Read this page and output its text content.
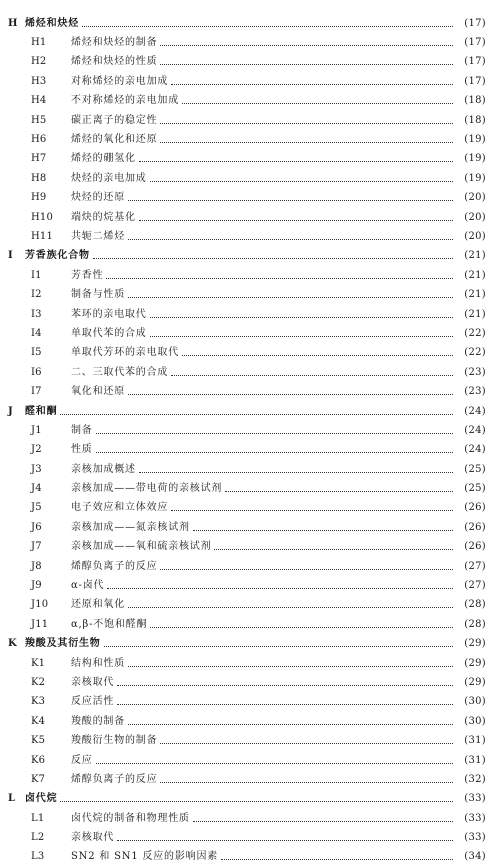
H 烯烃和炔烃	(17)
H1	烯烃和炔烃的制备	(17)
H2	烯烃和炔烃的性质	(17)
H3	对称烯烃的亲电加成	(17)
H4	不对称烯烃的亲电加成	(18)
H5	碳正离子的稳定性	(18)
H6	烯烃的氧化和还原	(19)
H7	烯烃的硼氢化	(19)
H8	炔烃的亲电加成	(19)
H9	炔烃的还原	(20)
H10	端炔的烷基化	(20)
H11	共轭二烯烃	(20)
I	芳香族化合物	(21)
I1	芳香性	(21)
I2	制备与性质	(21)
I3	苯环的亲电取代	(21)
I4	单取代苯的合成	(22)
I5	单取代芳环的亲电取代	(22)
I6	二、三取代苯的合成	(23)
I7	氧化和还原	(23)
J	醛和酮	(24)
J1	制备	(24)
J2	性质	(24)
J3	亲核加成概述	(25)
J4	亲核加成——带电荷的亲核试剂	(25)
J5	电子效应和立体效应	(26)
J6	亲核加成——氮亲核试剂	(26)
J7	亲核加成——氧和硫亲核试剂	(26)
J8	烯醇负离子的反应	(27)
J9	α-卤代	(27)
J10	还原和氧化	(28)
J11	α,β-不饱和醛酮	(28)
K 羧酸及其衍生物	(29)
K1	结构和性质	(29)
K2	亲核取代	(29)
K3	反应活性	(30)
K4	羧酸的制备	(30)
K5	羧酸衍生物的制备	(31)
K6	反应	(31)
K7	烯醇负离子的反应	(32)
L 卤代烷	(33)
L1	卤代烷的制备和物理性质	(33)
L2	亲核取代	(33)
L3	SN2 和 SN1 反应的影响因素	(34)
